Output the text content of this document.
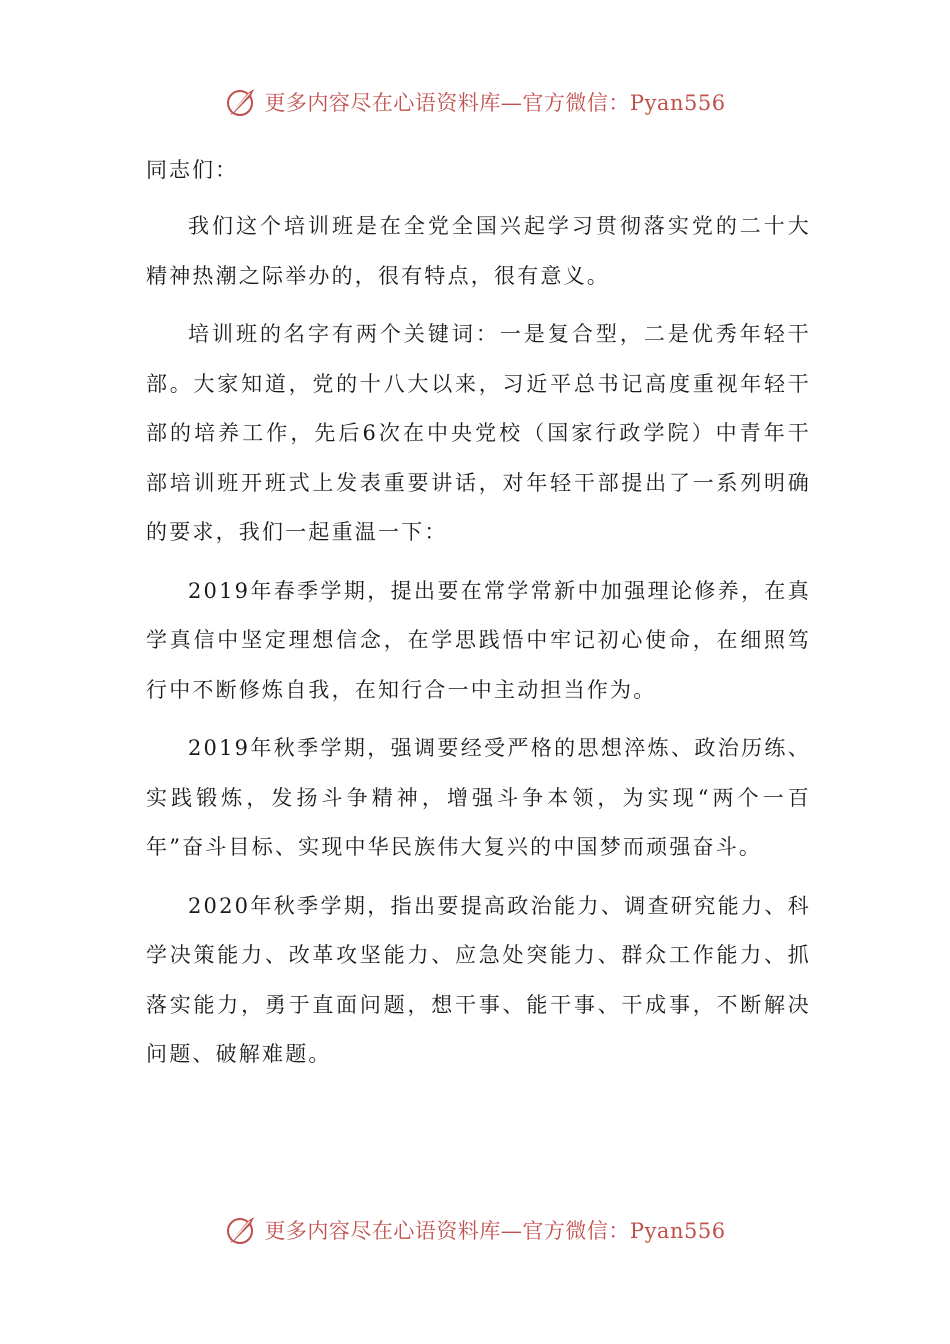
更多内容尽在心语资料库—官方微信：Pyan556

同志们：

我们这个培训班是在全党全国兴起学习贯彻落实党的二十大精神热潮之际举办的，很有特点，很有意义。

培训班的名字有两个关键词：一是复合型，二是优秀年轻干部。大家知道，党的十八大以来，习近平总书记高度重视年轻干部的培养工作，先后6次在中央党校（国家行政学院）中青年干部培训班开班式上发表重要讲话，对年轻干部提出了一系列明确的要求，我们一起重温一下：

2019年春季学期，提出要在常学常新中加强理论修养，在真学真信中坚定理想信念，在学思践悟中牢记初心使命，在细照笃行中不断修炼自我，在知行合一中主动担当作为。

2019年秋季学期，强调要经受严格的思想淬炼、政治历练、实践锻炼，发扬斗争精神，增强斗争本领，为实现“两个一百年”奋斗目标、实现中华民族伟大复兴的中国梦而顽强奋斗。

2020年秋季学期，指出要提高政治能力、调查研究能力、科学决策能力、改革攻坚能力、应急处突能力、群众工作能力、抓落实能力，勇于直面问题，想干事、能干事、干成事，不断解决问题、破解难题。

更多内容尽在心语资料库—官方微信：Pyan556
